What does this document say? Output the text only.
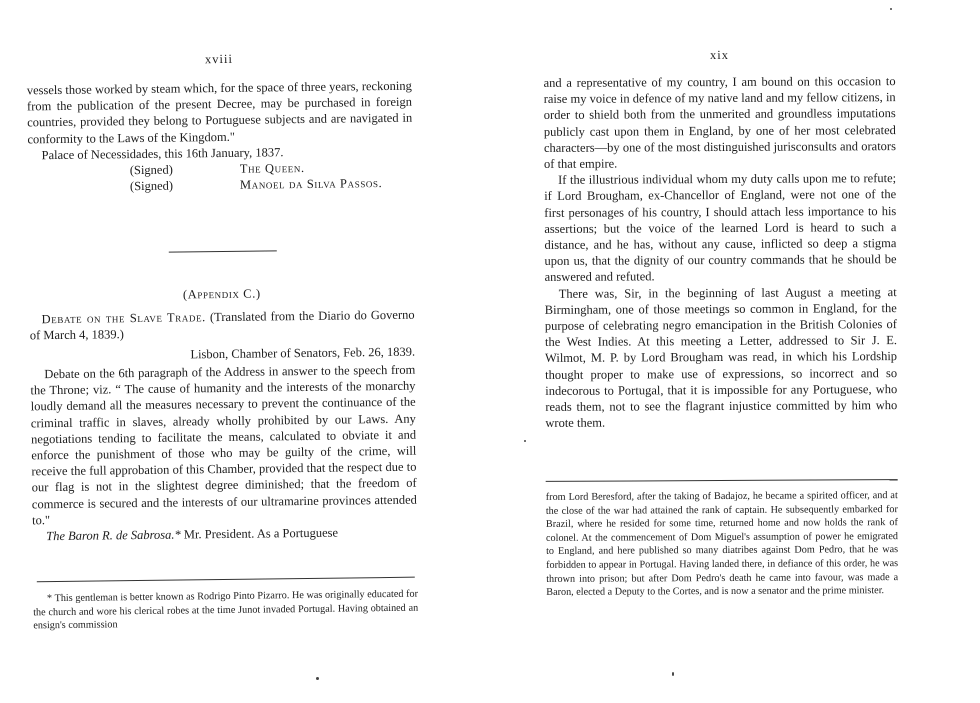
xviii

vessels those worked by steam which, for the space of three years, reckoning from the publication of the present Decree, may be purchased in foreign countries, provided they belong to Portuguese subjects and are navigated in conformity to the Laws of the Kingdom."

Palace of Necessidades, this 16th January, 1837.

(Signed)	The Queen.
(Signed)	Manoel da Silva Passos.
(Appendix C.)

Debate on the Slave Trade. (Translated from the Diario do Governo of March 4, 1839.)

Lisbon, Chamber of Senators, Feb. 26, 1839.

Debate on the 6th paragraph of the Address in answer to the speech from the Throne; viz. “ The cause of humanity and the interests of the monarchy loudly demand all the measures necessary to prevent the continuance of the criminal traffic in slaves, already wholly prohibited by our Laws. Any negotiations tending to facilitate the means, calculated to obviate it and enforce the punishment of those who may be guilty of the crime, will receive the full approbation of this Chamber, provided that the respect due to our flag is not in the slightest degree diminished; that the freedom of commerce is secured and the interests of our ultramarine provinces attended to."

The Baron R. de Sabrosa.* Mr. President. As a Portuguese

* This gentleman is better known as Rodrigo Pinto Pizarro. He was originally educated for the church and wore his clerical robes at the time Junot invaded Portugal. Having obtained an ensign's commission

xix

and a representative of my country, I am bound on this occasion to raise my voice in defence of my native land and my fellow citizens, in order to shield both from the unmerited and groundless imputations publicly cast upon them in England, by one of her most celebrated characters—by one of the most distinguished jurisconsults and orators of that empire.

If the illustrious individual whom my duty calls upon me to refute; if Lord Brougham, ex-Chancellor of England, were not one of the first personages of his country, I should attach less importance to his assertions; but the voice of the learned Lord is heard to such a distance, and he has, without any cause, inflicted so deep a stigma upon us, that the dignity of our country commands that he should be answered and refuted.

There was, Sir, in the beginning of last August a meeting at Birmingham, one of those meetings so common in England, for the purpose of celebrating negro emancipation in the British Colonies of the West Indies. At this meeting a Letter, addressed to Sir J. E. Wilmot, M. P. by Lord Brougham was read, in which his Lordship thought proper to make use of expressions, so incorrect and so indecorous to Portugal, that it is impossible for any Portuguese, who reads them, not to see the flagrant injustice committed by him who wrote them.

from Lord Beresford, after the taking of Badajoz, he became a spirited officer, and at the close of the war had attained the rank of captain. He subsequently embarked for Brazil, where he resided for some time, returned home and now holds the rank of colonel. At the commencement of Dom Miguel's assumption of power he emigrated to England, and here published so many diatribes against Dom Pedro, that he was forbidden to appear in Portugal. Having landed there, in defiance of this order, he was thrown into prison; but after Dom Pedro's death he came into favour, was made a Baron, elected a Deputy to the Cortes, and is now a senator and the prime minister.
